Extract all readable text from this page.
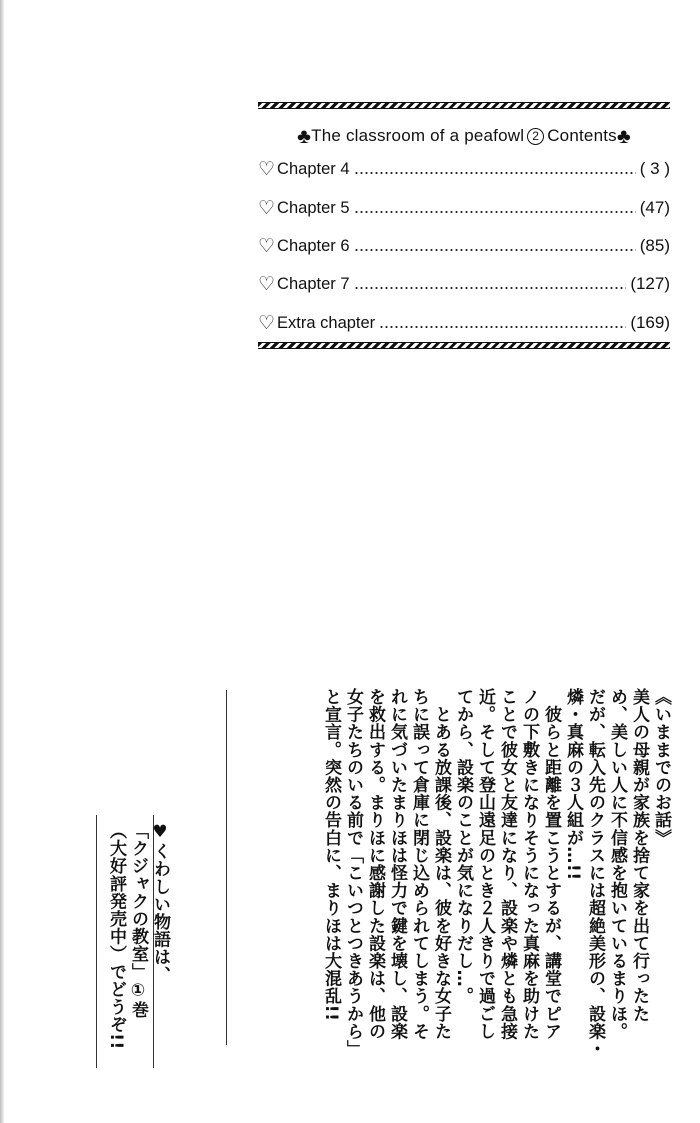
♣ The classroom of a peafowl 2 Contents ♣
♡ Chapter 4	( 3 )
♡ Chapter 5	(47)
♡ Chapter 6	(85)
♡ Chapter 7	(127)
♡ Extra chapter	(169)
《いままでのお話》
美人の母親が家族を捨て家を出て行ったた
め、美しい人に不信感を抱いているまりほ。
だが、転入先のクラスには超絶美形の、設楽・
燐・真麻の３人組が…!!
　彼らと距離を置こうとするが、講堂でピア
ノの下敷きになりそうになった真麻を助けた
ことで彼女と友達になり、設楽や燐とも急接
近。そして登山遠足のとき２人きりで過ごし
てから、設楽のことが気になりだし…。
　とある放課後、設楽は、彼を好きな女子た
ちに誤って倉庫に閉じ込められてしまう。そ
れに気づいたまりほは怪力で鍵を壊し、設楽
を救出する。まりほに感謝した設楽は、他の
女子たちのいる前で「こいつとつきあうから」
と宣言。突然の告白に、まりほは大混乱!!
♥くわしい物語は、
「クジャクの教室」①巻
（大好評発売中）でどうぞ!!
